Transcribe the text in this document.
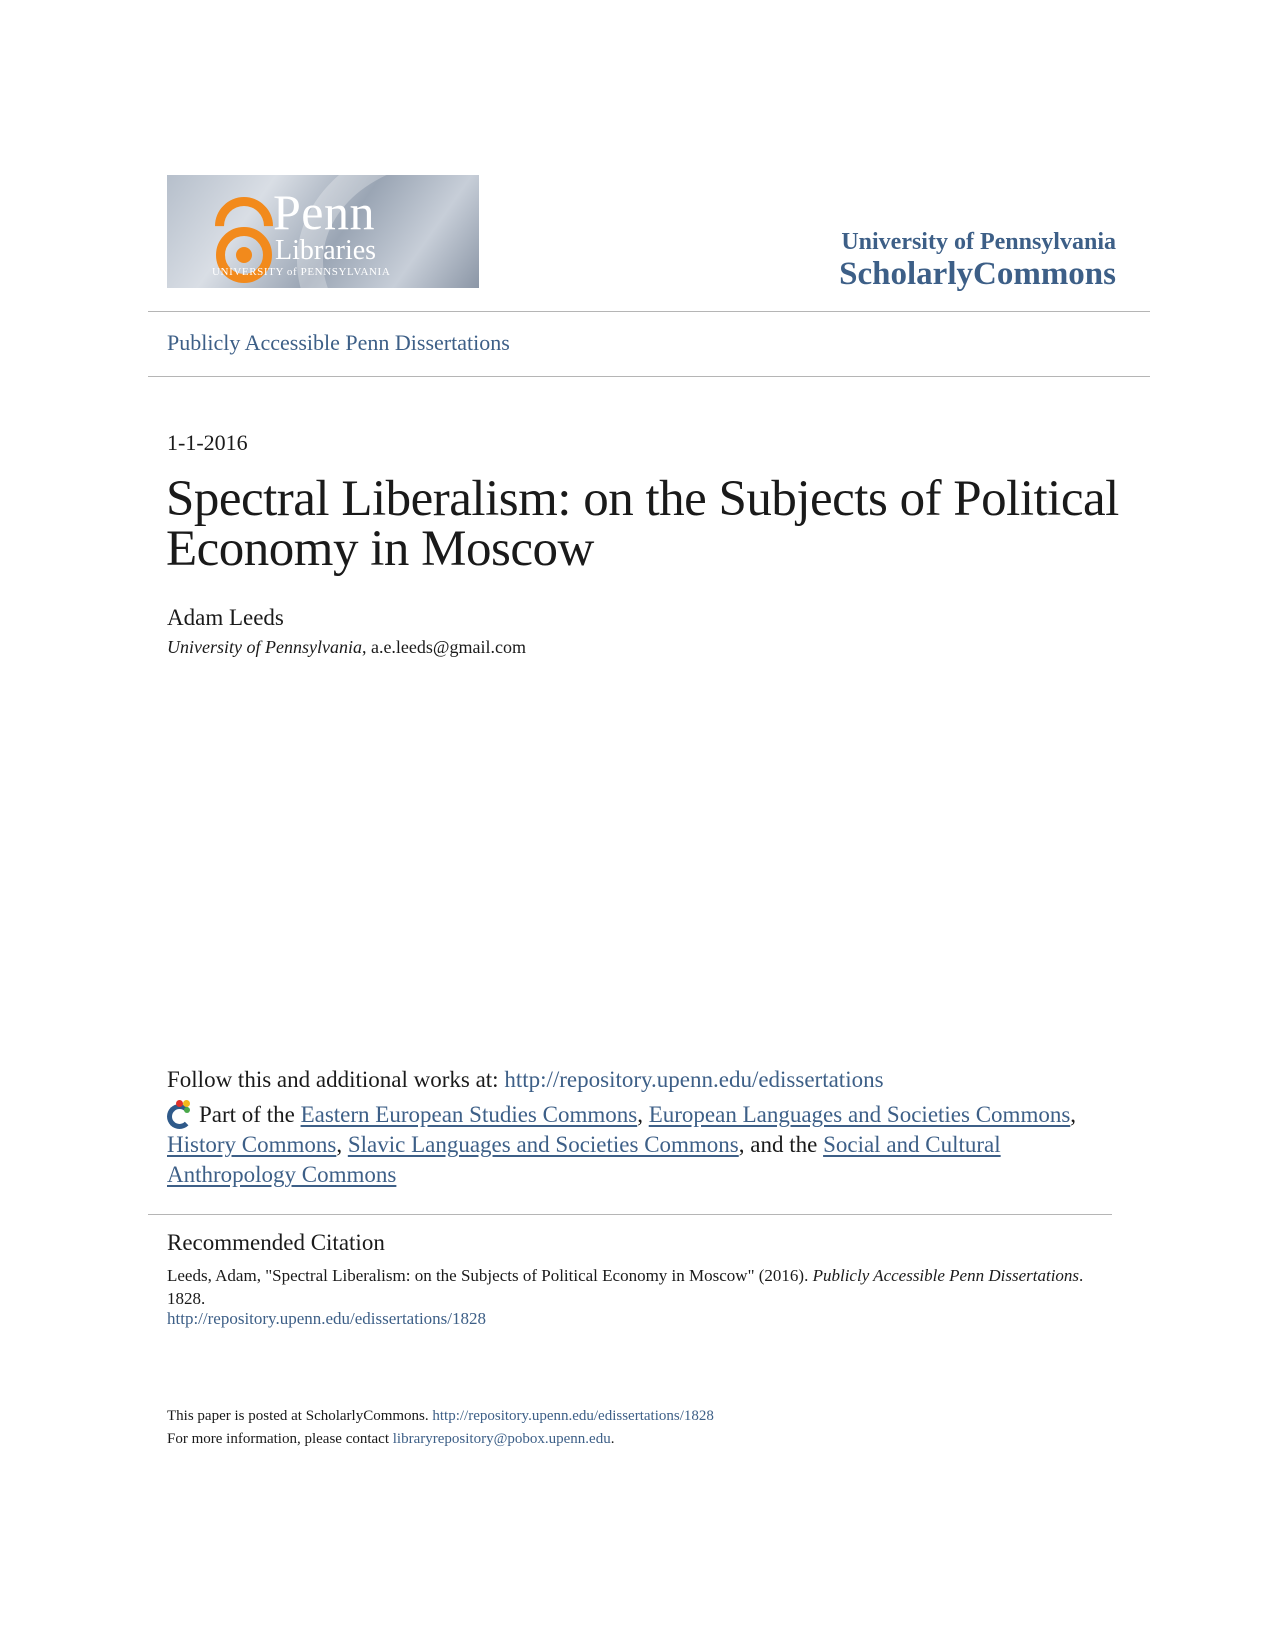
Penn
Libraries
UNIVERSITY of PENNSYLVANIA
University of Pennsylvania
ScholarlyCommons
Publicly Accessible Penn Dissertations
1-1-2016
Spectral Liberalism: on the Subjects of Political
Economy in Moscow
Adam Leeds
University of Pennsylvania, a.e.leeds@gmail.com
Follow this and additional works at: http://repository.upenn.edu/edissertations
Part of the Eastern European Studies Commons, European Languages and Societies Commons,
History Commons, Slavic Languages and Societies Commons, and the Social and Cultural Anthropology Commons
Recommended Citation
Leeds, Adam, "Spectral Liberalism: on the Subjects of Political Economy in Moscow" (2016). Publicly Accessible Penn Dissertations. 1828.
http://repository.upenn.edu/edissertations/1828
This paper is posted at ScholarlyCommons. http://repository.upenn.edu/edissertations/1828
For more information, please contact libraryrepository@pobox.upenn.edu.
